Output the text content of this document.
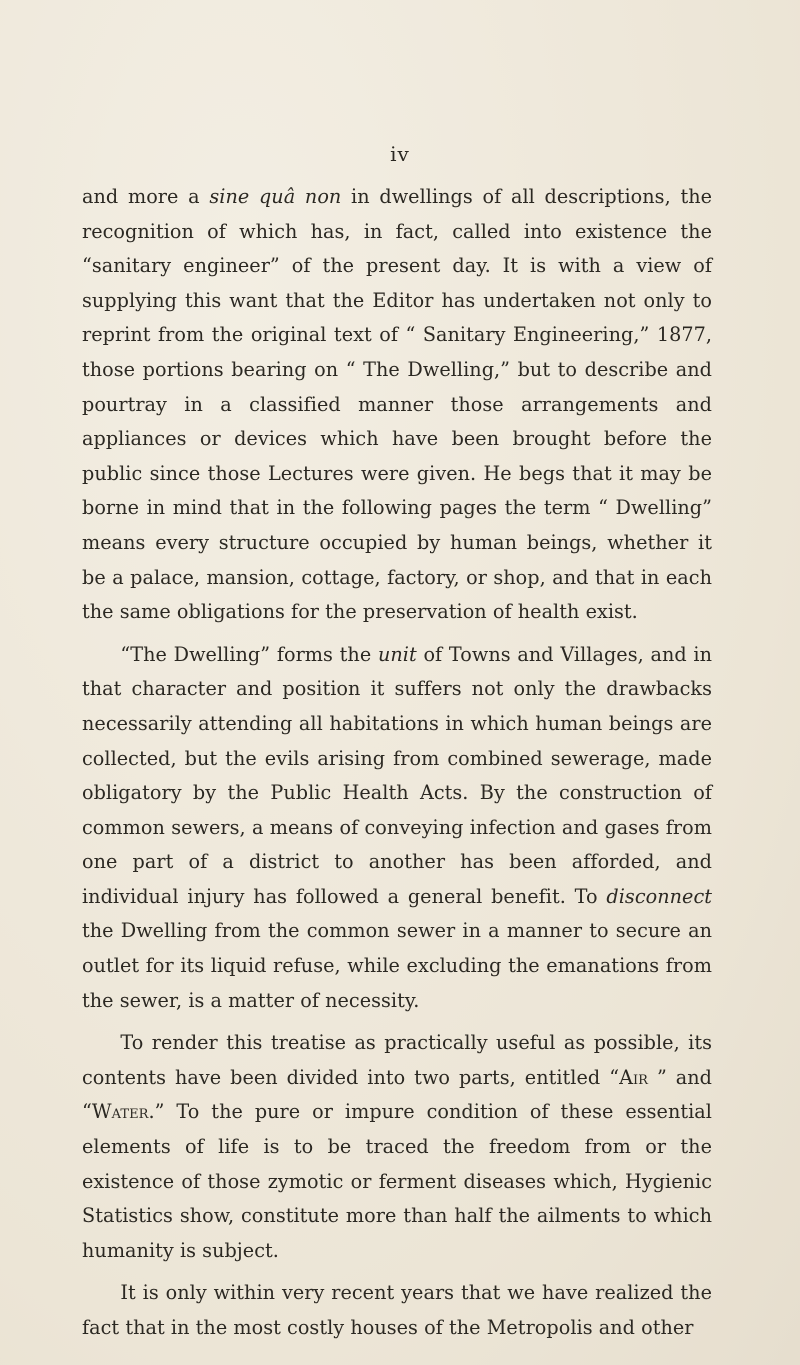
iv

and more a sine quâ non in dwellings of all descriptions, the recognition of which has, in fact, called into existence the “sanitary engineer” of the present day. It is with a view of supplying this want that the Editor has undertaken not only to reprint from the original text of “ Sanitary Engineering,” 1877, those portions bearing on “ The Dwelling,” but to describe and pourtray in a classified manner those arrangements and appliances or devices which have been brought before the public since those Lectures were given. He begs that it may be borne in mind that in the following pages the term “ Dwelling” means every structure occupied by human beings, whether it be a palace, mansion, cottage, factory, or shop, and that in each the same obligations for the preservation of health exist.

“The Dwelling” forms the unit of Towns and Villages, and in that character and position it suffers not only the drawbacks necessarily attending all habitations in which human beings are collected, but the evils arising from combined sewerage, made obligatory by the Public Health Acts. By the construction of common sewers, a means of conveying infection and gases from one part of a district to another has been afforded, and individual injury has followed a general benefit. To disconnect the Dwelling from the common sewer in a manner to secure an outlet for its liquid refuse, while excluding the emanations from the sewer, is a matter of necessity.

To render this treatise as practically useful as possible, its contents have been divided into two parts, entitled “Air ” and “Water.” To the pure or impure condition of these essential elements of life is to be traced the freedom from or the existence of those zymotic or ferment diseases which, Hygienic Statistics show, constitute more than half the ailments to which humanity is subject.

It is only within very recent years that we have realized the fact that in the most costly houses of the Metropolis and other
